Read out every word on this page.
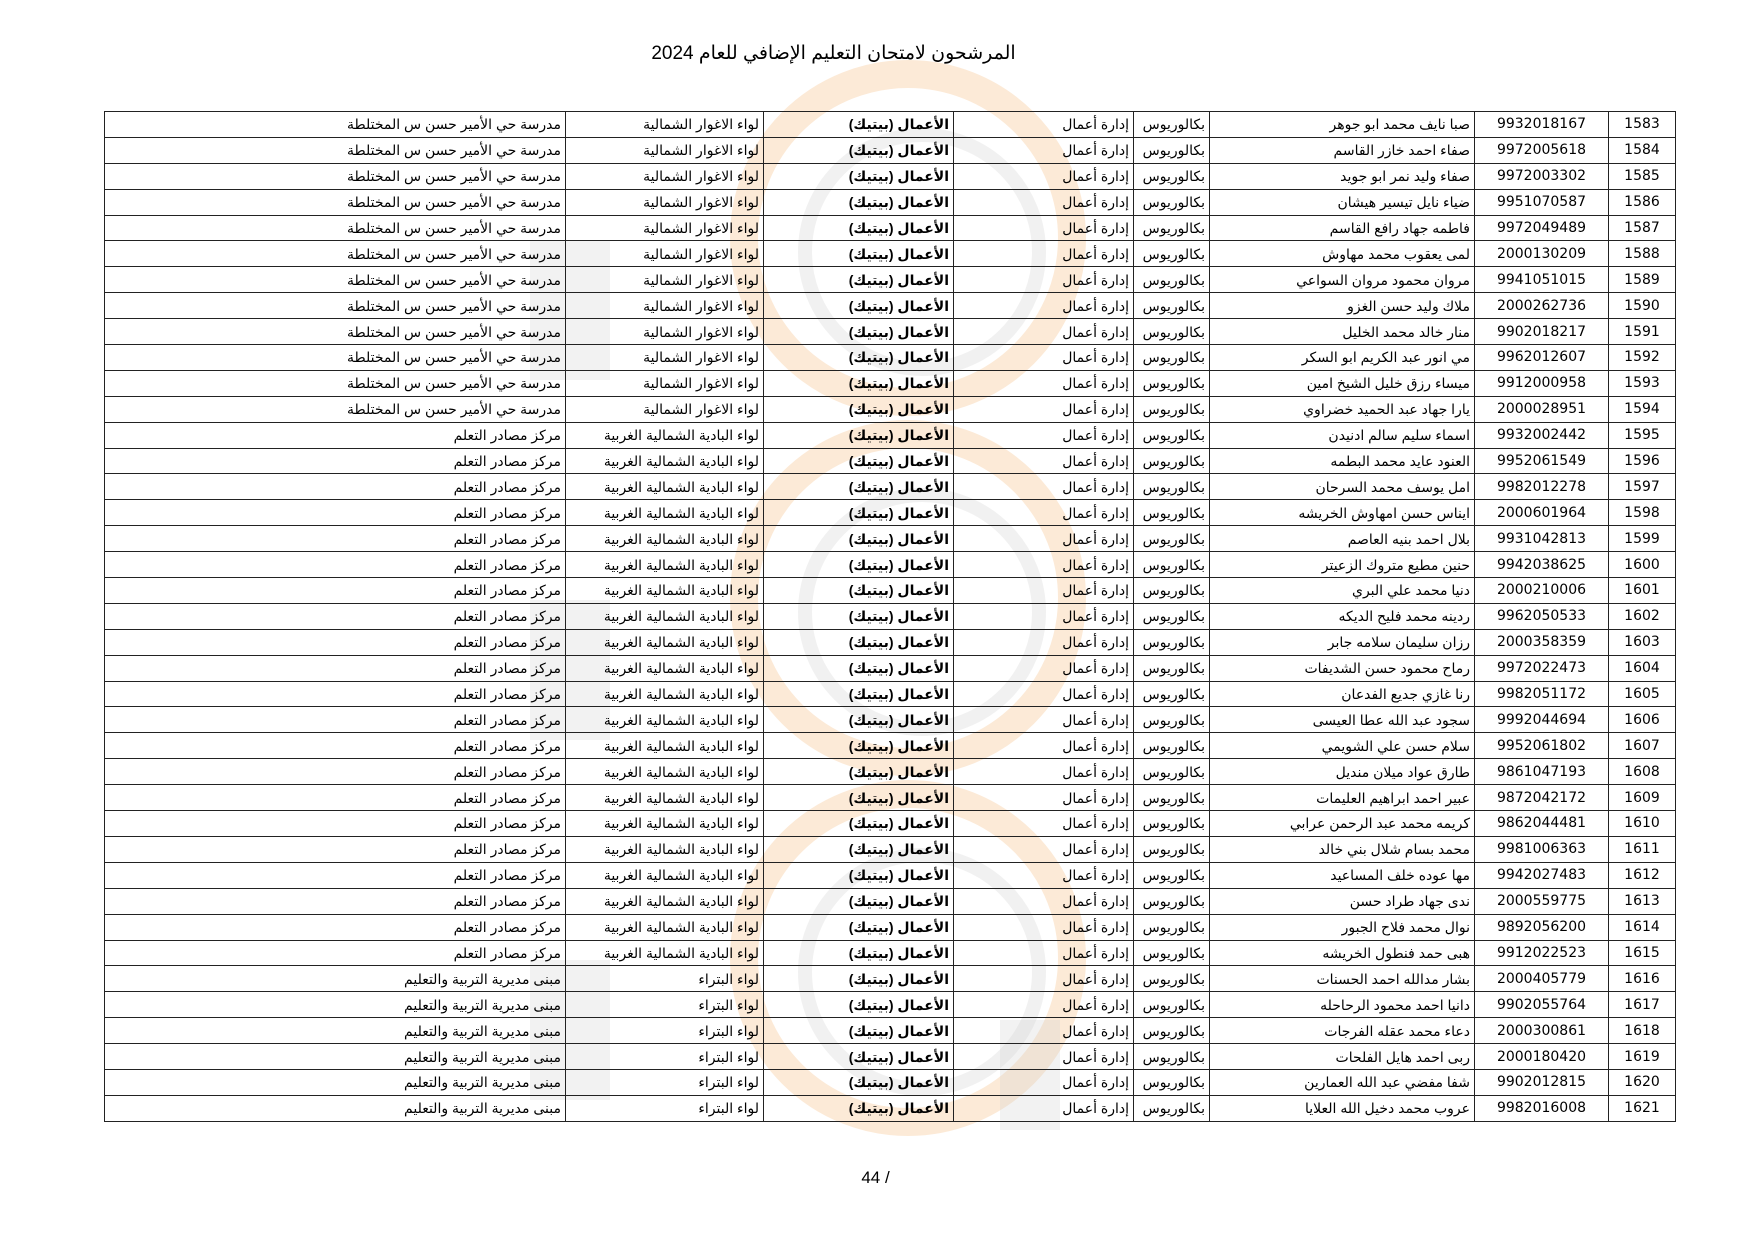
المرشحون لامتحان التعليم الإضافي للعام 2024
1583	9932018167	صبا نايف محمد ابو جوهر	بكالوريوس	إدارة أعمال	الأعمال (بيتيك)	لواء الاغوار الشمالية	مدرسة حي الأمير حسن س المختلطة
1584	9972005618	صفاء احمد خازر القاسم	بكالوريوس	إدارة أعمال	الأعمال (بيتيك)	لواء الاغوار الشمالية	مدرسة حي الأمير حسن س المختلطة
1585	9972003302	صفاء وليد نمر ابو جويد	بكالوريوس	إدارة أعمال	الأعمال (بيتيك)	لواء الاغوار الشمالية	مدرسة حي الأمير حسن س المختلطة
1586	9951070587	ضياء نايل تيسير هيشان	بكالوريوس	إدارة أعمال	الأعمال (بيتيك)	لواء الاغوار الشمالية	مدرسة حي الأمير حسن س المختلطة
1587	9972049489	فاطمه جهاد رافع القاسم	بكالوريوس	إدارة أعمال	الأعمال (بيتيك)	لواء الاغوار الشمالية	مدرسة حي الأمير حسن س المختلطة
1588	2000130209	لمى يعقوب محمد مهاوش	بكالوريوس	إدارة أعمال	الأعمال (بيتيك)	لواء الاغوار الشمالية	مدرسة حي الأمير حسن س المختلطة
1589	9941051015	مروان محمود مروان السواعي	بكالوريوس	إدارة أعمال	الأعمال (بيتيك)	لواء الاغوار الشمالية	مدرسة حي الأمير حسن س المختلطة
1590	2000262736	ملاك وليد حسن الغزو	بكالوريوس	إدارة أعمال	الأعمال (بيتيك)	لواء الاغوار الشمالية	مدرسة حي الأمير حسن س المختلطة
1591	9902018217	منار خالد محمد الخليل	بكالوريوس	إدارة أعمال	الأعمال (بيتيك)	لواء الاغوار الشمالية	مدرسة حي الأمير حسن س المختلطة
1592	9962012607	مي انور عبد الكريم ابو السكر	بكالوريوس	إدارة أعمال	الأعمال (بيتيك)	لواء الاغوار الشمالية	مدرسة حي الأمير حسن س المختلطة
1593	9912000958	ميساء رزق خليل الشيخ امين	بكالوريوس	إدارة أعمال	الأعمال (بيتيك)	لواء الاغوار الشمالية	مدرسة حي الأمير حسن س المختلطة
1594	2000028951	يارا جهاد عبد الحميد خضراوي	بكالوريوس	إدارة أعمال	الأعمال (بيتيك)	لواء الاغوار الشمالية	مدرسة حي الأمير حسن س المختلطة
1595	9932002442	اسماء سليم سالم ادنيدن	بكالوريوس	إدارة أعمال	الأعمال (بيتيك)	لواء البادية الشمالية الغربية	مركز مصادر التعلم
1596	9952061549	العنود عايد محمد البطمه	بكالوريوس	إدارة أعمال	الأعمال (بيتيك)	لواء البادية الشمالية الغربية	مركز مصادر التعلم
1597	9982012278	امل يوسف محمد السرحان	بكالوريوس	إدارة أعمال	الأعمال (بيتيك)	لواء البادية الشمالية الغربية	مركز مصادر التعلم
1598	2000601964	ايناس حسن امهاوش الخريشه	بكالوريوس	إدارة أعمال	الأعمال (بيتيك)	لواء البادية الشمالية الغربية	مركز مصادر التعلم
1599	9931042813	بلال احمد بنيه العاصم	بكالوريوس	إدارة أعمال	الأعمال (بيتيك)	لواء البادية الشمالية الغربية	مركز مصادر التعلم
1600	9942038625	حنين مطيع متروك الزعيتر	بكالوريوس	إدارة أعمال	الأعمال (بيتيك)	لواء البادية الشمالية الغربية	مركز مصادر التعلم
1601	2000210006	دنيا محمد علي البري	بكالوريوس	إدارة أعمال	الأعمال (بيتيك)	لواء البادية الشمالية الغربية	مركز مصادر التعلم
1602	9962050533	ردينه محمد فليح الديكه	بكالوريوس	إدارة أعمال	الأعمال (بيتيك)	لواء البادية الشمالية الغربية	مركز مصادر التعلم
1603	2000358359	رزان سليمان سلامه جابر	بكالوريوس	إدارة أعمال	الأعمال (بيتيك)	لواء البادية الشمالية الغربية	مركز مصادر التعلم
1604	9972022473	رماح محمود حسن الشديفات	بكالوريوس	إدارة أعمال	الأعمال (بيتيك)	لواء البادية الشمالية الغربية	مركز مصادر التعلم
1605	9982051172	رنا غازي جديع الفدعان	بكالوريوس	إدارة أعمال	الأعمال (بيتيك)	لواء البادية الشمالية الغربية	مركز مصادر التعلم
1606	9992044694	سجود عبد الله عطا العيسى	بكالوريوس	إدارة أعمال	الأعمال (بيتيك)	لواء البادية الشمالية الغربية	مركز مصادر التعلم
1607	9952061802	سلام حسن علي الشويمي	بكالوريوس	إدارة أعمال	الأعمال (بيتيك)	لواء البادية الشمالية الغربية	مركز مصادر التعلم
1608	9861047193	طارق عواد ميلان منديل	بكالوريوس	إدارة أعمال	الأعمال (بيتيك)	لواء البادية الشمالية الغربية	مركز مصادر التعلم
1609	9872042172	عبير احمد ابراهيم العليمات	بكالوريوس	إدارة أعمال	الأعمال (بيتيك)	لواء البادية الشمالية الغربية	مركز مصادر التعلم
1610	9862044481	كريمه محمد عبد الرحمن عرابي	بكالوريوس	إدارة أعمال	الأعمال (بيتيك)	لواء البادية الشمالية الغربية	مركز مصادر التعلم
1611	9981006363	محمد بسام شلال بني خالد	بكالوريوس	إدارة أعمال	الأعمال (بيتيك)	لواء البادية الشمالية الغربية	مركز مصادر التعلم
1612	9942027483	مها عوده خلف المساعيد	بكالوريوس	إدارة أعمال	الأعمال (بيتيك)	لواء البادية الشمالية الغربية	مركز مصادر التعلم
1613	2000559775	ندى جهاد طراد حسن	بكالوريوس	إدارة أعمال	الأعمال (بيتيك)	لواء البادية الشمالية الغربية	مركز مصادر التعلم
1614	9892056200	نوال محمد فلاح الجبور	بكالوريوس	إدارة أعمال	الأعمال (بيتيك)	لواء البادية الشمالية الغربية	مركز مصادر التعلم
1615	9912022523	هبى حمد فنطول الخريشه	بكالوريوس	إدارة أعمال	الأعمال (بيتيك)	لواء البادية الشمالية الغربية	مركز مصادر التعلم
1616	2000405779	بشار مدالله احمد الحسنات	بكالوريوس	إدارة أعمال	الأعمال (بيتيك)	لواء البتراء	مبنى مديرية التربية والتعليم
1617	9902055764	دانيا احمد محمود الرحاحله	بكالوريوس	إدارة أعمال	الأعمال (بيتيك)	لواء البتراء	مبنى مديرية التربية والتعليم
1618	2000300861	دعاء محمد عقله الفرجات	بكالوريوس	إدارة أعمال	الأعمال (بيتيك)	لواء البتراء	مبنى مديرية التربية والتعليم
1619	2000180420	ربى احمد هايل الفلحات	بكالوريوس	إدارة أعمال	الأعمال (بيتيك)	لواء البتراء	مبنى مديرية التربية والتعليم
1620	9902012815	شفا مفضي عبد الله العمارين	بكالوريوس	إدارة أعمال	الأعمال (بيتيك)	لواء البتراء	مبنى مديرية التربية والتعليم
1621	9982016008	عروب محمد دخيل الله العلايا	بكالوريوس	إدارة أعمال	الأعمال (بيتيك)	لواء البتراء	مبنى مديرية التربية والتعليم
44 /
